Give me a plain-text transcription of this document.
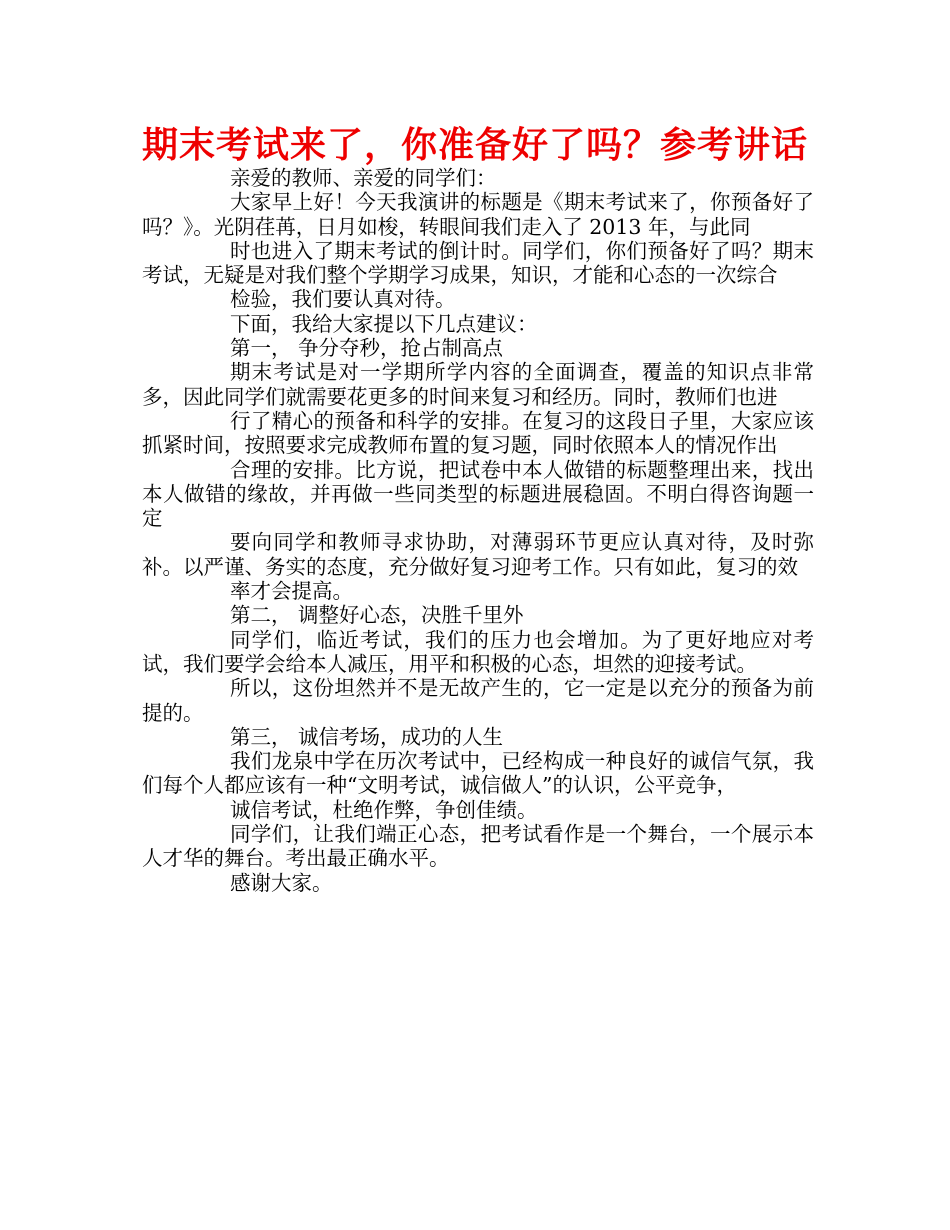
期末考试来了，你准备好了吗？参考讲话

亲爱的教师、亲爱的同学们：

大家早上好！今天我演讲的标题是《期末考试来了，你预备好了吗？》。光阴荏苒，日月如梭，转眼间我们走入了 2013 年，与此同

时也进入了期末考试的倒计时。同学们，你们预备好了吗？期末考试，无疑是对我们整个学期学习成果，知识，才能和心态的一次综合

检验，我们要认真对待。

下面，我给大家提以下几点建议：

第一， 争分夺秒，抢占制高点

期末考试是对一学期所学内容的全面调查，覆盖的知识点非常多，因此同学们就需要花更多的时间来复习和经历。同时，教师们也进

行了精心的预备和科学的安排。在复习的这段日子里，大家应该抓紧时间，按照要求完成教师布置的复习题，同时依照本人的情况作出

合理的安排。比方说，把试卷中本人做错的标题整理出来，找出本人做错的缘故，并再做一些同类型的标题进展稳固。不明白得咨询题一定

要向同学和教师寻求协助，对薄弱环节更应认真对待，及时弥补。以严谨、务实的态度，充分做好复习迎考工作。只有如此，复习的效

率才会提高。

第二， 调整好心态，决胜千里外

同学们，临近考试，我们的压力也会增加。为了更好地应对考试，我们要学会给本人减压，用平和积极的心态，坦然的迎接考试。

所以，这份坦然并不是无故产生的，它一定是以充分的预备为前提的。

第三， 诚信考场，成功的人生

我们龙泉中学在历次考试中，已经构成一种良好的诚信气氛，我们每个人都应该有一种“文明考试，诚信做人”的认识，公平竞争，

诚信考试，杜绝作弊，争创佳绩。

同学们，让我们端正心态，把考试看作是一个舞台，一个展示本人才华的舞台。考出最正确水平。

感谢大家。
